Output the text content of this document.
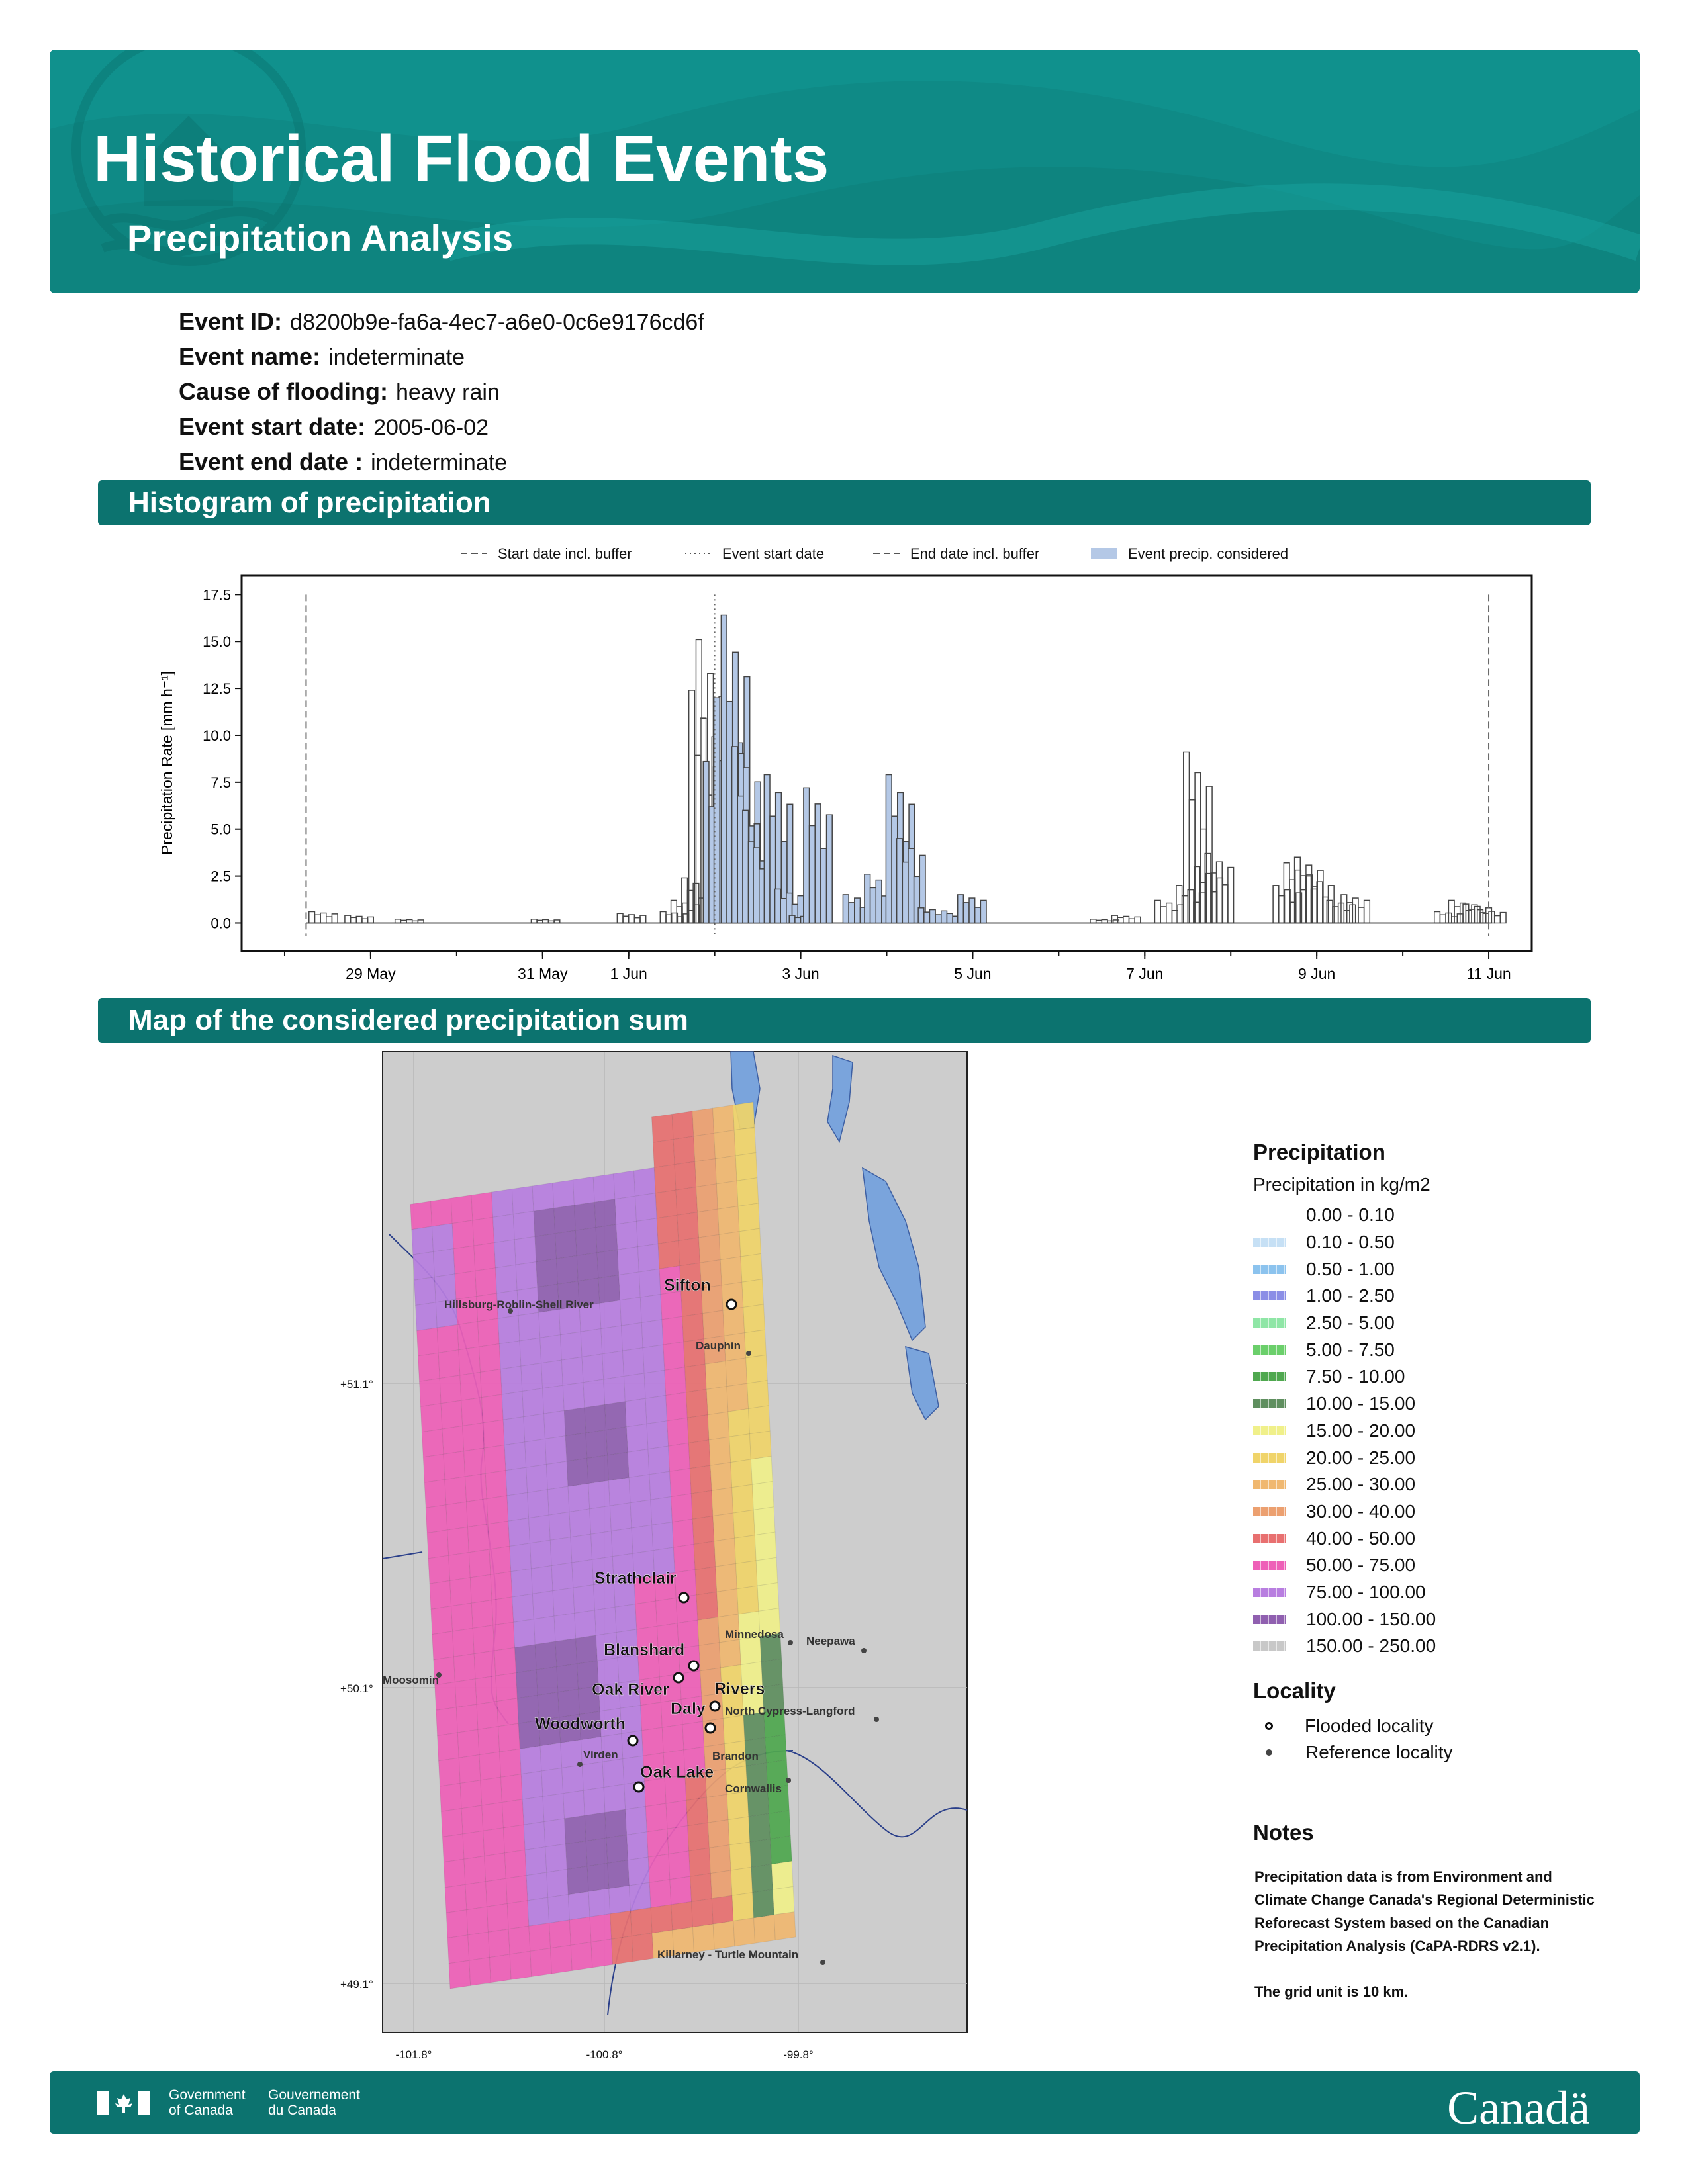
Historical Flood Events
Precipitation Analysis
Event ID: d8200b9e-fa6a-4ec7-a6e0-0c6e9176cd6f
Event name: indeterminate
Cause of flooding: heavy rain
Event start date: 2005-06-02
Event end date : indeterminate
Histogram of precipitation
Start date incl. buffer	Event start date	End date incl. buffer	Event precip. considered
0.0
2.5
5.0
7.5
10.0
12.5
15.0
17.5
29 May	31 May	1 Jun	3 Jun	5 Jun	7 Jun	9 Jun	11 Jun
Precipitation Rate [mm h⁻¹]
Map of the considered precipitation sum
Sifton
Strathclair
Blanshard
Oak River	Rivers
Daly
Woodworth
Oak Lake
Hillsburg-Roblin-Shell River
Dauphin
Minnedosa
Neepawa
Moosomin
North Cypress-Langford
Virden	Brandon
Cornwallis
Killarney - Turtle Mountain
+51.1°
+50.1°
+49.1°
-101.8°	-100.8°	-99.8°
Precipitation
Precipitation in kg/m2
0.00 - 0.10
0.10 - 0.50
0.50 - 1.00
1.00 - 2.50
2.50 - 5.00
5.00 - 7.50
7.50 - 10.00
10.00 - 15.00
15.00 - 20.00
20.00 - 25.00
25.00 - 30.00
30.00 - 40.00
40.00 - 50.00
50.00 - 75.00
75.00 - 100.00
100.00 - 150.00
150.00 - 250.00
Locality
Flooded locality
Reference locality
Notes
Precipitation data is from Environment and Climate Change Canada's Regional Deterministic Reforecast System based on the Canadian Precipitation Analysis (CaPA-RDRS v2.1).
The grid unit is 10 km.
Government
of Canada
Gouvernement
du Canada	Canadä
